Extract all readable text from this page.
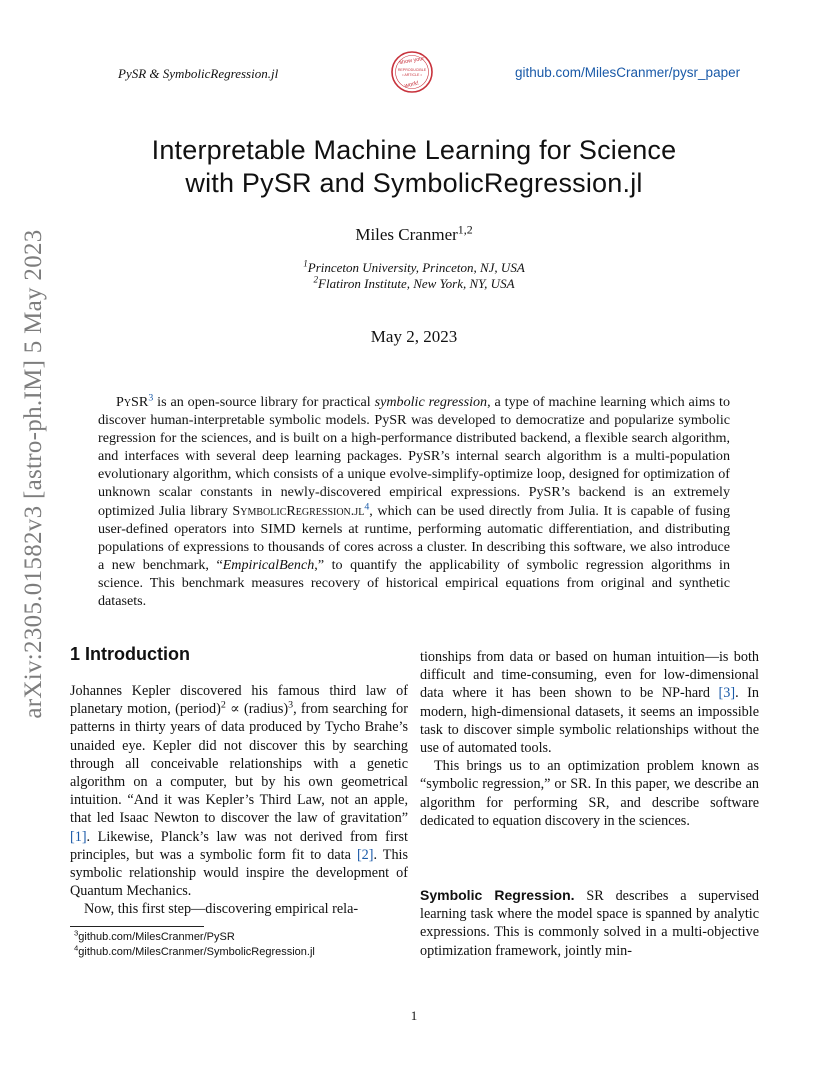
PySR & SymbolicRegression.jl
show your
REPRODUCIBLE
• ARTICLE •
work!
github.com/MilesCranmer/pysr_paper
Interpretable Machine Learning for Science
with PySR and SymbolicRegression.jl
Miles Cranmer$^{1,2}$
$^1$Princeton University, Princeton, NJ, USA
$^2$Flatiron Institute, New York, NY, USA
May 2, 2023
arXiv:2305.01582v3 [astro-ph.IM] 5 May 2023	PySR$^3$ is an open-source library for practical symbolic regression, a type of machine learning which aims to discover human-interpretable symbolic models. PySR was developed to democratize and popularize symbolic regression for the sciences, and is built on a high-performance distributed backend, a flexible search algorithm, and interfaces with several deep learning packages. PySR’s internal search algorithm is a multi-population evolutionary algorithm, which consists of a unique evolve-simplify-optimize loop, designed for optimization of unknown scalar constants in newly-discovered empirical expressions. PySR’s backend is an extremely optimized Julia library $SymbolicRegression.jl^4$, which can be used directly from Julia. It is capable of fusing user-defined operators into SIMD kernels at runtime, performing automatic differentiation, and distributing populations of expressions to thousands of cores across a cluster. In describing this software, we also introduce a new benchmark, “EmpiricalBench,” to quantify the applicability of symbolic regression algorithms in science. This benchmark measures recovery of historical empirical equations from original and synthetic datasets.
1 Introduction

Johannes Kepler discovered his famous third law of planetary motion, (period)$^2$ ∝ (radius)$^3$, from searching for patterns in thirty years of data produced by Tycho Brahe’s unaided eye. Kepler did not discover this by searching through all conceivable relationships with a genetic algorithm on a computer, but by his own geometrical intuition. “And it was Kepler’s Third Law, not an apple, that led Isaac Newton to discover the law of gravitation” [1]. Likewise, Planck’s law was not derived from first principles, but was a symbolic form fit to data [2]. This symbolic relationship would inspire the development of Quantum Mechanics.

Now, this first step—discovering empirical rela-

tionships from data or based on human intuition—is both difficult and time-consuming, even for low-dimensional data where it has been shown to be NP-hard [3]. In modern, high-dimensional datasets, it seems an impossible task to discover simple symbolic relationships without the use of automated tools.

This brings us to an optimization problem known as “symbolic regression,” or SR. In this paper, we describe an algorithm for performing SR, and describe software dedicated to equation discovery in the sciences.

Symbolic Regression. SR describes a supervised learning task where the model space is spanned by analytic expressions. This is commonly solved in a multi-objective optimization framework, jointly min-
$^3$github.com/MilesCranmer/PySR
$^4$github.com/MilesCranmer/SymbolicRegression.jl
1
